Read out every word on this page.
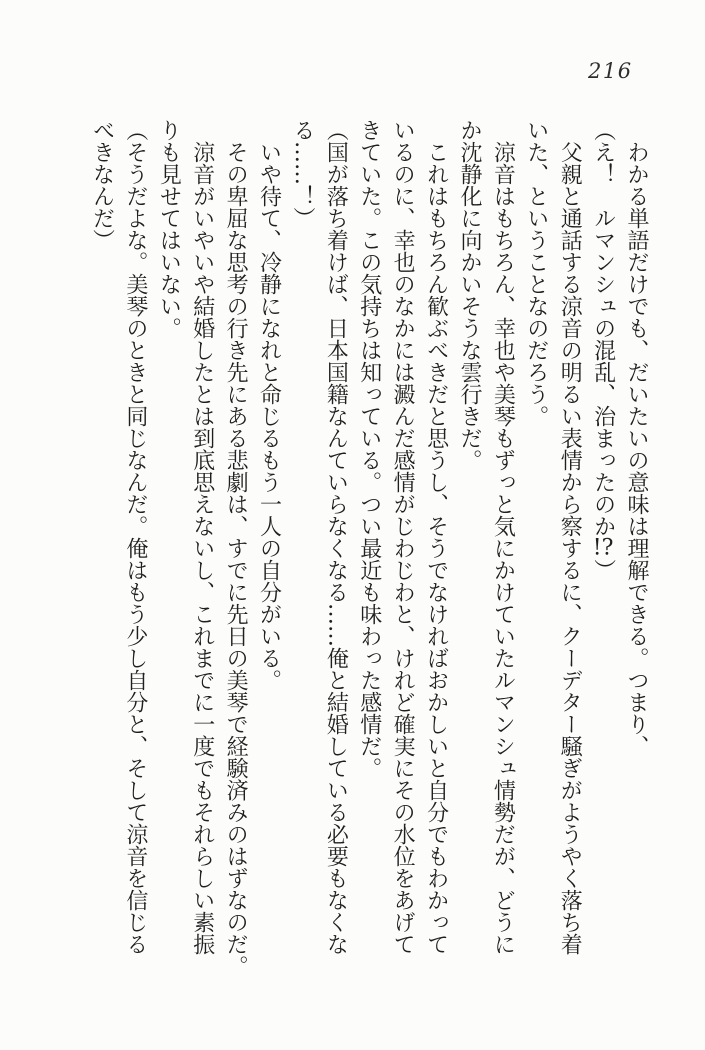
216

わかる単語だけでも、だいたいの意味は理解できる。つまり、

（え！　ルマンシュの混乱、治まったのか!?）

父親と通話する涼音の明るい表情から察するに、クーデター騒ぎがようやく落ち着
いた、ということなのだろう。

涼音はもちろん、幸也や美琴もずっと気にかけていたルマンシュ情勢だが、どうに
か沈静化に向かいそうな雲行きだ。

これはもちろん歓ぶべきだと思うし、そうでなければおかしいと自分でもわかって
いるのに、幸也のなかには澱んだ感情がじわじわと、けれど確実にその水位をあげて
きていた。この気持ちは知っている。つい最近も味わった感情だ。

（国が落ち着けば、日本国籍なんていらなくなる……俺と結婚している必要もなくな
る……！）

いや待て、冷静になれと命じるもう一人の自分がいる。

その卑屈な思考の行き先にある悲劇は、すでに先日の美琴で経験済みのはずなのだ。

涼音がいやいや結婚したとは到底思えないし、これまでに一度でもそれらしい素振
りも見せてはいない。

（そうだよな。美琴のときと同じなんだ。俺はもう少し自分と、そして涼音を信じる
べきなんだ）
